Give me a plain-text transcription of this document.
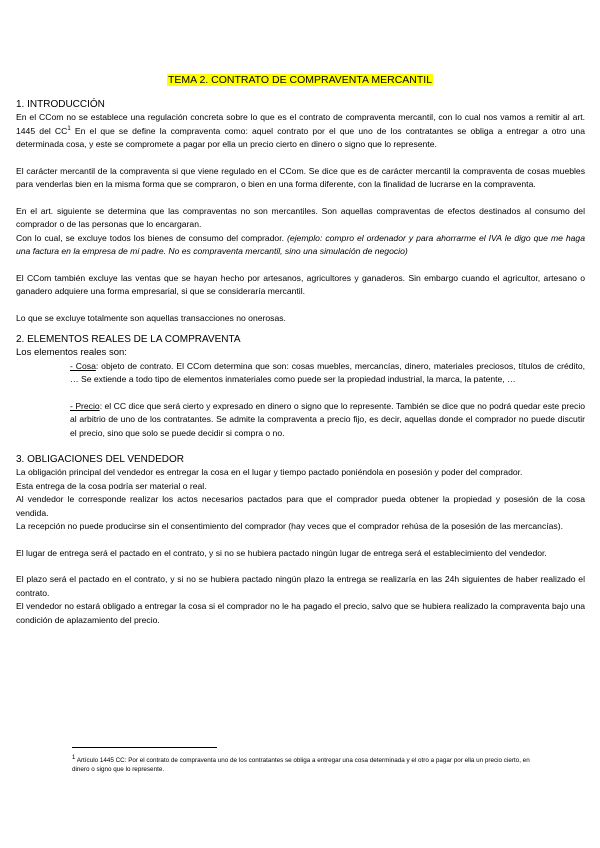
TEMA 2. CONTRATO DE COMPRAVENTA MERCANTIL
1. INTRODUCCIÓN

En el CCom no se establece una regulación concreta sobre lo que es el contrato de compraventa mercantil, con lo cual nos vamos a remitir al art. 1445 del $CC^1$ En el que se define la compraventa como: aquel contrato por el que uno de los contratantes se obliga a entregar a otro una determinada cosa, y este se compromete a pagar por ella un precio cierto en dinero o signo que lo represente.

El carácter mercantil de la compraventa si que viene regulado en el CCom. Se dice que es de carácter mercantil la compraventa de cosas muebles para venderlas bien en la misma forma que se compraron, o bien en una forma diferente, con la finalidad de lucrarse en la compraventa.

En el art. siguiente se determina que las compraventas no son mercantiles. Son aquellas compraventas de efectos destinados al consumo del comprador o de las personas que lo encargaran.

Con lo cual, se excluye todos los bienes de consumo del comprador. (ejemplo: compro el ordenador y para ahorrarme el IVA le digo que me haga una factura en la empresa de mi padre. No es compraventa mercantil, sino una simulación de negocio)

El CCom también excluye las ventas que se hayan hecho por artesanos, agricultores y ganaderos. Sin embargo cuando el agricultor, artesano o ganadero adquiere una forma empresarial, si que se consideraría mercantil.

Lo que se excluye totalmente son aquellas transacciones no onerosas.

2. ELEMENTOS REALES DE LA COMPRAVENTA

Los elementos reales son:

- Cosa: objeto de contrato. El CCom determina que son: cosas muebles, mercancías, dinero, materiales preciosos, títulos de crédito, … Se extiende a todo tipo de elementos inmateriales como puede ser la propiedad industrial, la marca, la patente, …

- Precio: el CC dice que será cierto y expresado en dinero o signo que lo represente. También se dice que no podrá quedar este precio al arbitrio de uno de los contratantes. Se admite la compraventa a precio fijo, es decir, aquellas donde el comprador no puede discutir el precio, sino que solo se puede decidir si compra o no.

3. OBLIGACIONES DEL VENDEDOR

La obligación principal del vendedor es entregar la cosa en el lugar y tiempo pactado poniéndola en posesión y poder del comprador.

Esta entrega de la cosa podría ser material o real.

Al vendedor le corresponde realizar los actos necesarios pactados para que el comprador pueda obtener la propiedad y posesión de la cosa vendida.

La recepción no puede producirse sin el consentimiento del comprador (hay veces que el comprador rehúsa de la posesión de las mercancías).

El lugar de entrega será el pactado en el contrato, y si no se hubiera pactado ningún lugar de entrega será el establecimiento del vendedor.

El plazo será el pactado en el contrato, y si no se hubiera pactado ningún plazo la entrega se realizaría en las 24h siguientes de haber realizado el contrato.

El vendedor no estará obligado a entregar la cosa si el comprador no le ha pagado el precio, salvo que se hubiera realizado la compraventa bajo una condición de aplazamiento del precio.

$^1$ Artículo 1445 CC: Por el contrato de compraventa uno de los contratantes se obliga a entregar una cosa determinada y el otro a pagar por ella un precio cierto, en dinero o signo que lo represente.
